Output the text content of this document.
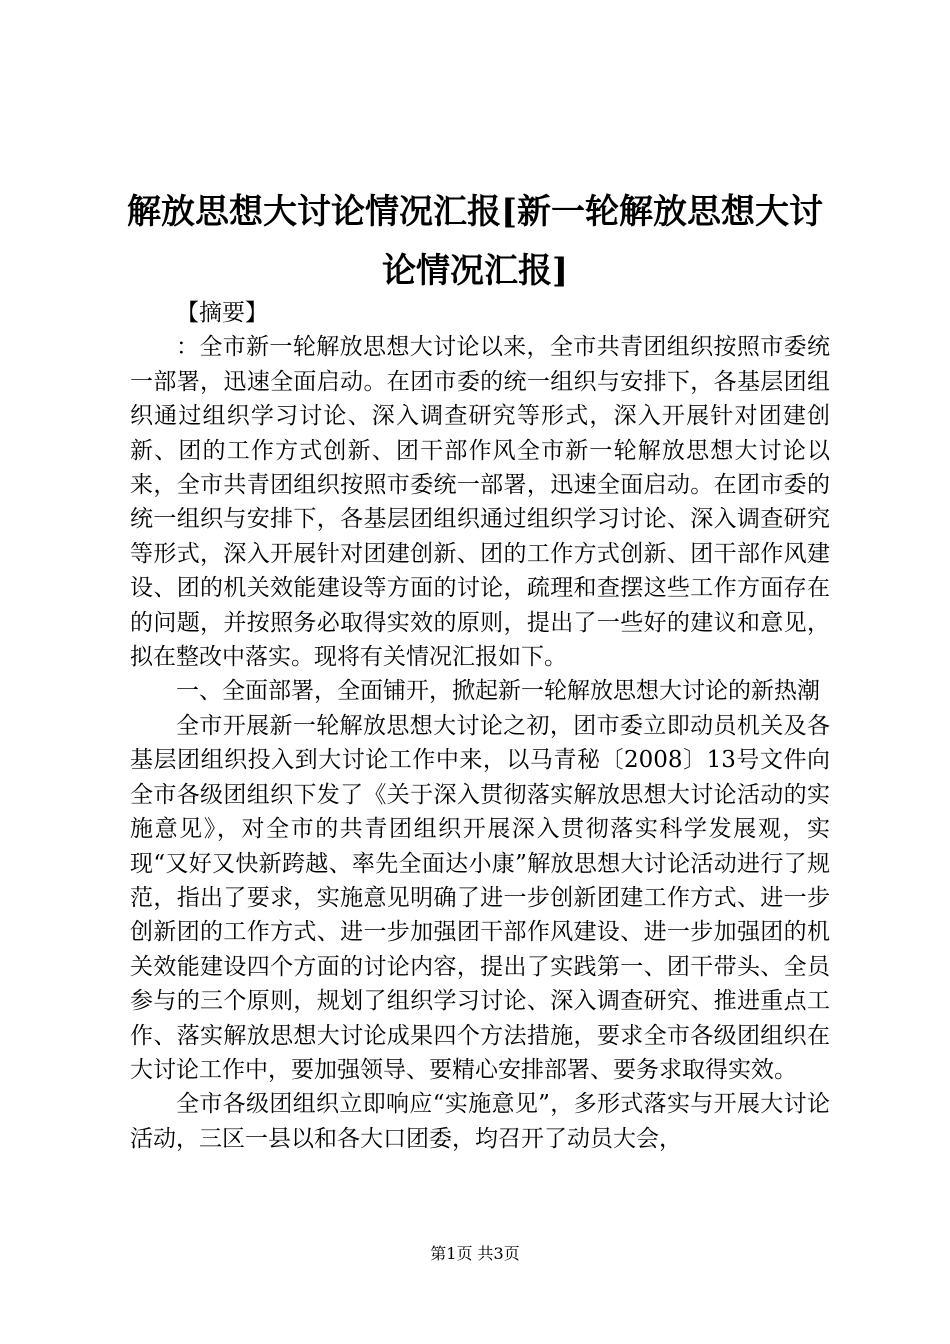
解放思想大讨论情况汇报[新一轮解放思想大讨论情况汇报]

【摘要】

：全市新一轮解放思想大讨论以来，全市共青团组织按照市委统一部署，迅速全面启动。在团市委的统一组织与安排下，各基层团组织通过组织学习讨论、深入调查研究等形式，深入开展针对团建创新、团的工作方式创新、团干部作风全市新一轮解放思想大讨论以来，全市共青团组织按照市委统一部署，迅速全面启动。在团市委的统一组织与安排下，各基层团组织通过组织学习讨论、深入调查研究等形式，深入开展针对团建创新、团的工作方式创新、团干部作风建设、团的机关效能建设等方面的讨论，疏理和查摆这些工作方面存在的问题，并按照务必取得实效的原则，提出了一些好的建议和意见，拟在整改中落实。现将有关情况汇报如下。

一、全面部署，全面铺开，掀起新一轮解放思想大讨论的新热潮

全市开展新一轮解放思想大讨论之初，团市委立即动员机关及各基层团组织投入到大讨论工作中来，以马青秘〔2008〕13号文件向全市各级团组织下发了《关于深入贯彻落实解放思想大讨论活动的实施意见》，对全市的共青团组织开展深入贯彻落实科学发展观，实现“又好又快新跨越、率先全面达小康”解放思想大讨论活动进行了规范，指出了要求，实施意见明确了进一步创新团建工作方式、进一步创新团的工作方式、进一步加强团干部作风建设、进一步加强团的机关效能建设四个方面的讨论内容，提出了实践第一、团干带头、全员参与的三个原则，规划了组织学习讨论、深入调查研究、推进重点工作、落实解放思想大讨论成果四个方法措施，要求全市各级团组织在大讨论工作中，要加强领导、要精心安排部署、要务求取得实效。

全市各级团组织立即响应“实施意见”，多形式落实与开展大讨论活动，三区一县以和各大口团委，均召开了动员大会，

第1页 共3页
